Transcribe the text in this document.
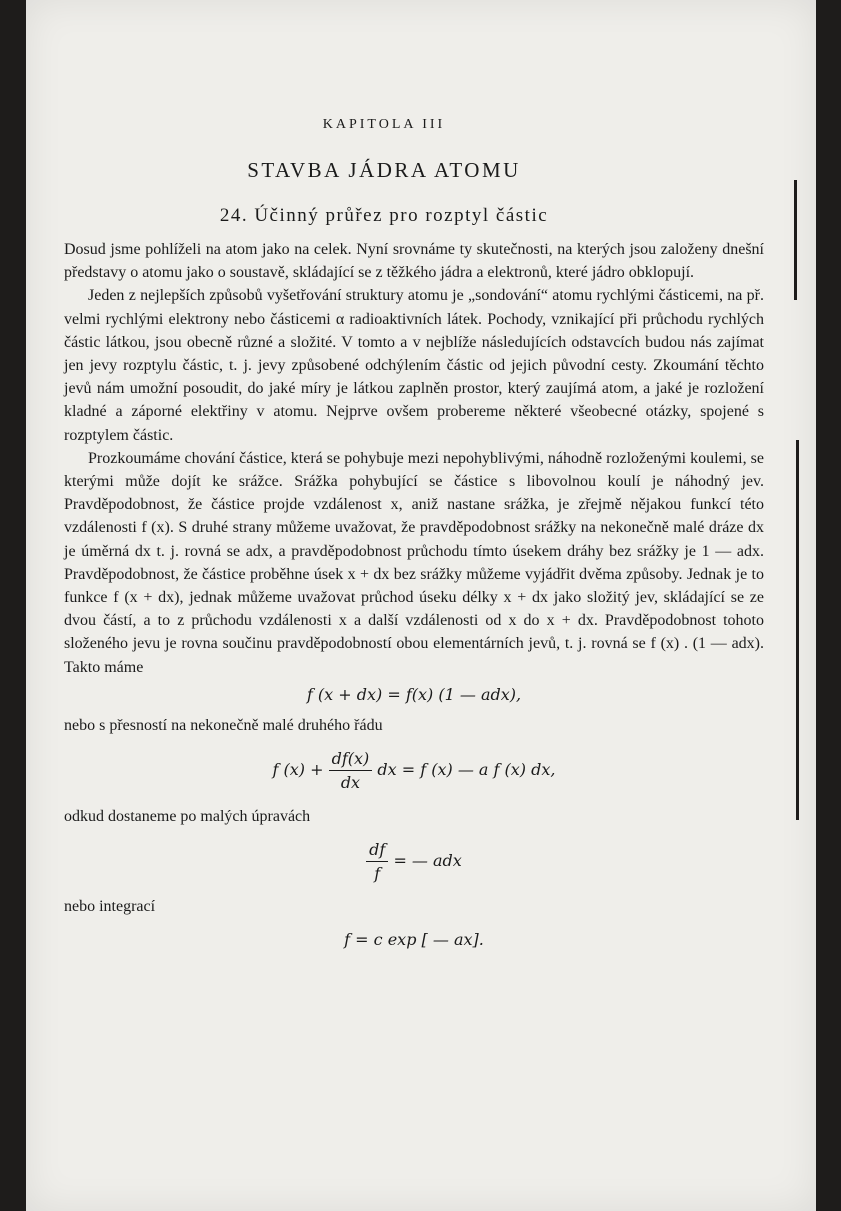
KAPITOLA III
STAVBA JÁDRA ATOMU
24. Účinný průřez pro rozptyl částic

Dosud jsme pohlíželi na atom jako na celek. Nyní srovnáme ty skutečnosti, na kterých jsou založeny dnešní představy o atomu jako o soustavě, skládající se z těžkého jádra a elektronů, které jádro obklopují.

Jeden z nejlepších způsobů vyšetřování struktury atomu je „sondování“ atomu rychlými částicemi, na př. velmi rychlými elektrony nebo částicemi α radioaktivních látek. Pochody, vznikající při průchodu rychlých částic látkou, jsou obecně různé a složité. V tomto a v nejblíže následujících odstavcích budou nás zajímat jen jevy rozptylu částic, t. j. jevy způsobené odchýlením částic od jejich původní cesty. Zkoumání těchto jevů nám umožní posoudit, do jaké míry je látkou zaplněn prostor, který zaujímá atom, a jaké je rozložení kladné a záporné elektřiny v atomu. Nejprve ovšem probereme některé všeobecné otázky, spojené s rozptylem částic.

Prozkoumáme chování částice, která se pohybuje mezi nepohyblivými, náhodně rozloženými koulemi, se kterými může dojít ke srážce. Srážka pohybující se částice s libovolnou koulí je náhodný jev. Pravděpodobnost, že částice projde vzdálenost x, aniž nastane srážka, je zřejmě nějakou funkcí této vzdálenosti f (x). S druhé strany můžeme uvažovat, že pravděpodobnost srážky na nekonečně malé dráze dx je úměrná dx t. j. rovná se adx, a pravděpodobnost průchodu tímto úsekem dráhy bez srážky je 1 — adx. Pravděpodobnost, že částice proběhne úsek x + dx bez srážky můžeme vyjádřit dvěma způsoby. Jednak je to funkce f (x + dx), jednak můžeme uvažovat průchod úseku délky x + dx jako složitý jev, skládající se ze dvou částí, a to z průchodu vzdálenosti x a další vzdálenosti od x do x + dx. Pravděpodobnost tohoto složeného jevu je rovna součinu pravděpodobností obou elementárních jevů, t. j. rovná se f (x) . (1 — adx). Takto máme

f (x + dx) = f(x) (1 — adx),

nebo s přesností na nekonečně malé druhého řádu

f $(x) + \frac{df(x)}{dx}$ dx = f (x) — a f (x) dx,

odkud dostaneme po malých úpravách

$\frac{df}{f}$ = — adx

nebo integrací

f = c exp [ — ax].
